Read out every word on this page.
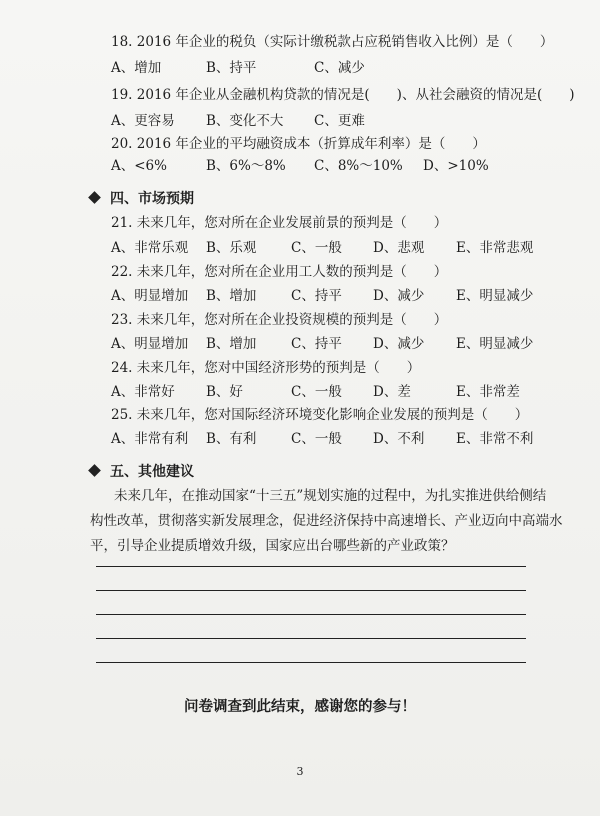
18. 2016 年企业的税负（实际计缴税款占应税销售收入比例）是（　　）
A、增加	B、持平	C、减少
19. 2016 年企业从金融机构贷款的情况是(　　)、从社会融资的情况是(　　)
A、更容易 B、变化不大 C、更难
20. 2016 年企业的平均融资成本（折算成年利率）是（　　）
A、<6%	B、6%～8% C、8%～10% D、>10%
四、市场预期
21. 未来几年，您对所在企业发展前景的预判是（　　）
A、非常乐观 B、乐观	C、一般 D、悲观 E、非常悲观
22. 未来几年，您对所在企业用工人数的预判是（　　）
A、明显增加 B、增加	C、持平 D、减少 E、明显减少
23. 未来几年，您对所在企业投资规模的预判是（　　）
A、明显增加 B、增加	C、持平 D、减少 E、明显减少
24. 未来几年，您对中国经济形势的预判是（　　）
A、非常好 B、好	C、一般 D、差	E、非常差
25. 未来几年，您对国际经济环境变化影响企业发展的预判是（　　）
A、非常有利 B、有利	C、一般 D、不利 E、非常不利
五、其他建议
未来几年，在推动国家“十三五”规划实施的过程中，为扎实推进供给侧结
构性改革，贯彻落实新发展理念，促进经济保持中高速增长、产业迈向中高端水
平，引导企业提质增效升级，国家应出台哪些新的产业政策？
问卷调查到此结束，感谢您的参与！
3
